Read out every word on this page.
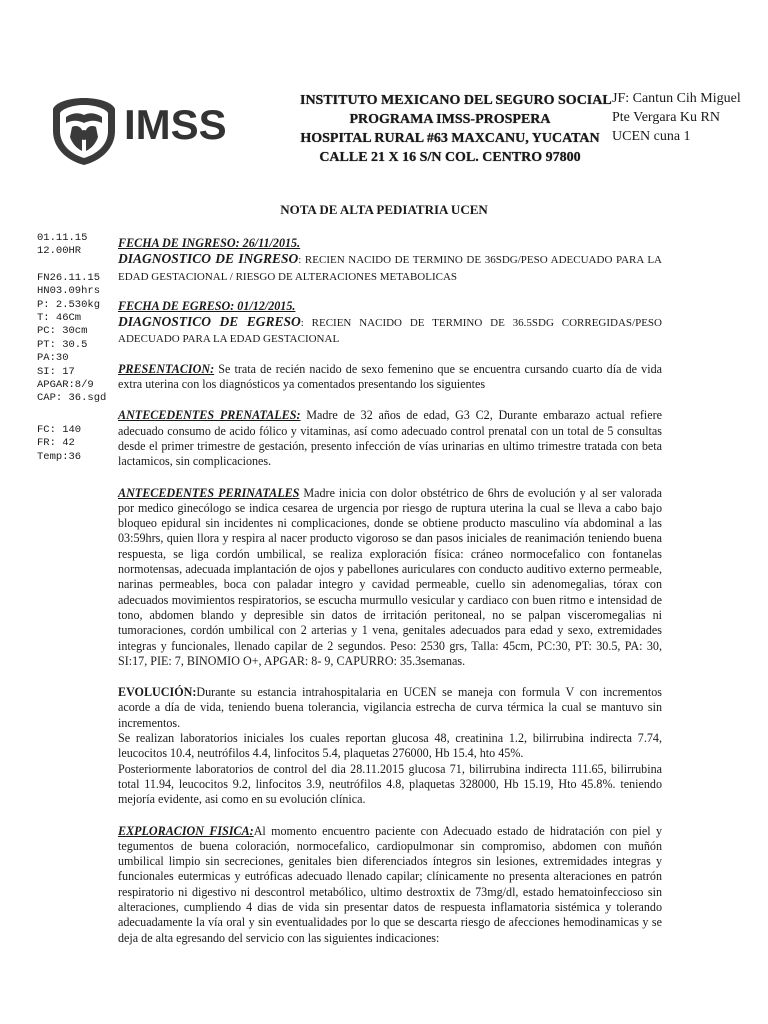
IMSS
INSTITUTO MEXICANO DEL SEGURO SOCIAL
PROGRAMA IMSS-PROSPERA
HOSPITAL RURAL #63 MAXCANU, YUCATAN
CALLE 21 X 16 S/N COL. CENTRO 97800
JF: Cantun Cih Miguel
Pte Vergara Ku RN
UCEN cuna 1
NOTA DE ALTA PEDIATRIA UCEN
01.11.15
12.00HR
FN26.11.15
HN03.09hrs
P: 2.530kg
T: 46Cm
PC: 30cm
PT: 30.5
PA:30
SI: 17
APGAR:8/9
CAP: 36.sgd
FC: 140
FR: 42
Temp:36

FECHA DE INGRESO: 26/11/2015.

DIAGNOSTICO DE INGRESO: RECIEN NACIDO DE TERMINO DE 36SDG/PESO ADECUADO PARA LA EDAD GESTACIONAL / RIESGO DE ALTERACIONES METABOLICAS

FECHA DE EGRESO: 01/12/2015.

DIAGNOSTICO DE EGRESO: RECIEN NACIDO DE TERMINO DE 36.5SDG CORREGIDAS/PESO ADECUADO PARA LA EDAD GESTACIONAL

PRESENTACION: Se trata de recién nacido de sexo femenino que se encuentra cursando cuarto día de vida extra uterina con los diagnósticos ya comentados presentando los siguientes

ANTECEDENTES PRENATALES: Madre de 32 años de edad, G3 C2, Durante embarazo actual refiere adecuado consumo de acido fólico y vitaminas, así como adecuado control prenatal con un total de 5 consultas desde el primer trimestre de gestación, presento infección de vías urinarias en ultimo trimestre tratada con beta lactamicos, sin complicaciones.

ANTECEDENTES PERINATALES Madre inicia con dolor obstétrico de 6hrs de evolución y al ser valorada por medico ginecólogo se indica cesarea de urgencia por riesgo de ruptura uterina la cual se lleva a cabo bajo bloqueo epidural sin incidentes ni complicaciones, donde se obtiene producto masculino vía abdominal a las 03:59hrs, quien llora y respira al nacer producto vigoroso se dan pasos iniciales de reanimación teniendo buena respuesta, se liga cordón umbilical, se realiza exploración física: cráneo normocefalico con fontanelas normotensas, adecuada implantación de ojos y pabellones auriculares con conducto auditivo externo permeable, narinas permeables, boca con paladar integro y cavidad permeable, cuello sin adenomegalias, tórax con adecuados movimientos respiratorios, se escucha murmullo vesicular y cardiaco con buen ritmo e intensidad de tono, abdomen blando y depresible sin datos de irritación peritoneal, no se palpan visceromegalias ni tumoraciones, cordón umbilical con 2 arterias y 1 vena, genitales adecuados para edad y sexo, extremidades integras y funcionales, llenado capilar de 2 segundos. Peso: 2530 grs, Talla: 45cm, PC:30, PT: 30.5, PA: 30, SI:17, PIE: 7, BINOMIO O+, APGAR: 8- 9, CAPURRO: 35.3semanas.

EVOLUCIÓN:Durante su estancia intrahospitalaria en UCEN se maneja con formula V con incrementos acorde a día de vida, teniendo buena tolerancia, vigilancia estrecha de curva térmica la cual se mantuvo sin incrementos.

Se realizan laboratorios iniciales los cuales reportan glucosa 48, creatinina 1.2, bilirrubina indirecta 7.74, leucocitos 10.4, neutrófilos 4.4, linfocitos 5.4, plaquetas 276000, Hb 15.4, hto 45%.

Posteriormente laboratorios de control del dia 28.11.2015 glucosa 71, bilirrubina indirecta 111.65, bilirrubina total 11.94, leucocitos 9.2, linfocitos 3.9, neutrófilos 4.8, plaquetas 328000, Hb 15.19, Hto 45.8%. teniendo mejoría evidente, asi como en su evolución clínica.

EXPLORACION FISICA:Al momento encuentro paciente con Adecuado estado de hidratación con piel y tegumentos de buena coloración, normocefalico, cardiopulmonar sin compromiso, abdomen con muñón umbilical limpio sin secreciones, genitales bien diferenciados íntegros sin lesiones, extremidades integras y funcionales eutermicas y eutróficas adecuado llenado capilar; clínicamente no presenta alteraciones en patrón respiratorio ni digestivo ni descontrol metabólico, ultimo destroxtix de 73mg/dl, estado hematoinfeccioso sin alteraciones, cumpliendo 4 dias de vida sin presentar datos de respuesta inflamatoria sistémica y tolerando adecuadamente la vía oral y sin eventualidades por lo que se descarta riesgo de afecciones hemodinamicas y se deja de alta egresando del servicio con las siguientes indicaciones:
